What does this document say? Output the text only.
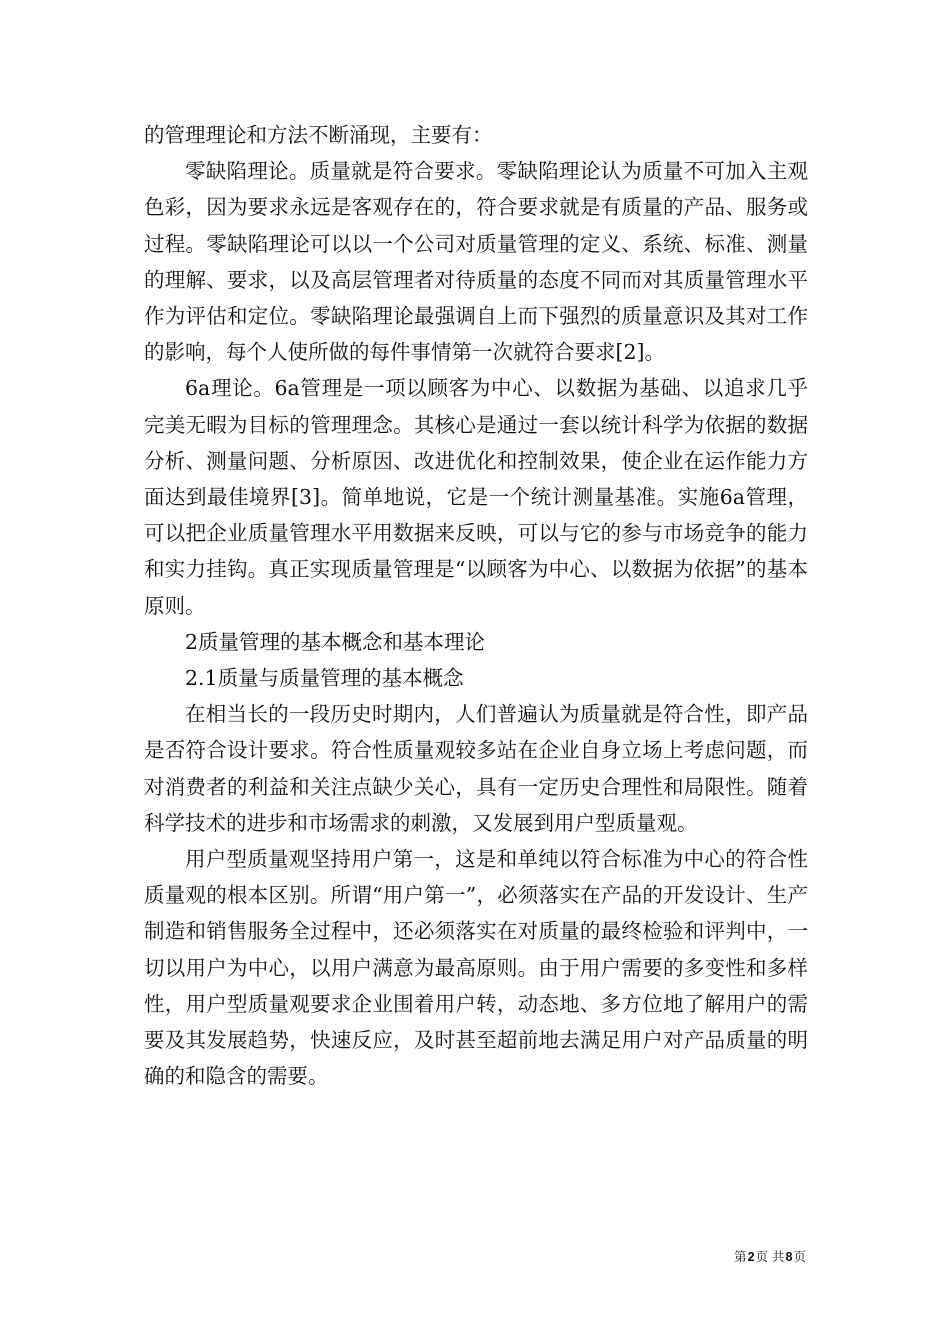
的管理理论和方法不断涌现，主要有：

零缺陷理论。质量就是符合要求。零缺陷理论认为质量不可加入主观色彩，因为要求永远是客观存在的，符合要求就是有质量的产品、服务或过程。零缺陷理论可以以一个公司对质量管理的定义、系统、标准、测量的理解、要求，以及高层管理者对待质量的态度不同而对其质量管理水平作为评估和定位。零缺陷理论最强调自上而下强烈的质量意识及其对工作的影响，每个人使所做的每件事情第一次就符合要求[2]。

6a理论。6a管理是一项以顾客为中心、以数据为基础、以追求几乎完美无暇为目标的管理理念。其核心是通过一套以统计科学为依据的数据分析、测量问题、分析原因、改进优化和控制效果，使企业在运作能力方面达到最佳境界[3]。简单地说，它是一个统计测量基准。实施6a管理，可以把企业质量管理水平用数据来反映，可以与它的参与市场竞争的能力和实力挂钩。真正实现质量管理是“以顾客为中心、以数据为依据”的基本原则。

2质量管理的基本概念和基本理论

2.1质量与质量管理的基本概念

在相当长的一段历史时期内，人们普遍认为质量就是符合性，即产品是否符合设计要求。符合性质量观较多站在企业自身立场上考虑问题，而对消费者的利益和关注点缺少关心，具有一定历史合理性和局限性。随着科学技术的进步和市场需求的刺激，又发展到用户型质量观。

用户型质量观坚持用户第一，这是和单纯以符合标准为中心的符合性质量观的根本区别。所谓“用户第一”，必须落实在产品的开发设计、生产制造和销售服务全过程中，还必须落实在对质量的最终检验和评判中，一切以用户为中心，以用户满意为最高原则。由于用户需要的多变性和多样性，用户型质量观要求企业围着用户转，动态地、多方位地了解用户的需要及其发展趋势，快速反应，及时甚至超前地去满足用户对产品质量的明确的和隐含的需要。

第2页 共8页
